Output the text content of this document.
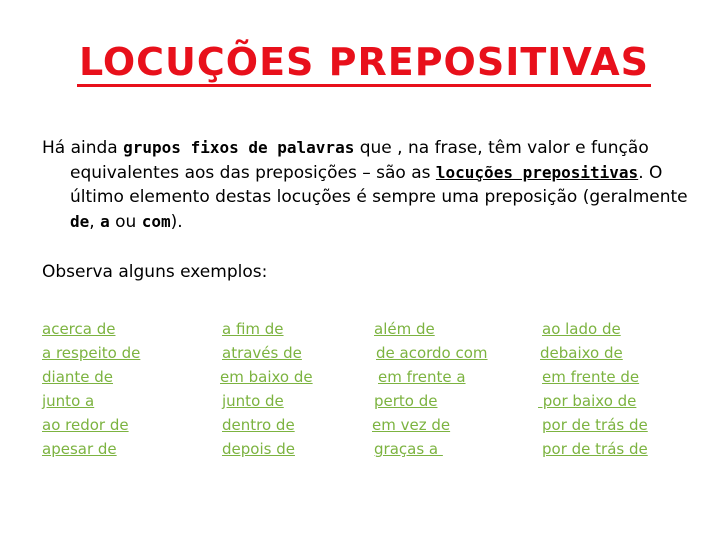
LOCUÇÕES PREPOSITIVAS
Há ainda grupos fixos de palavras que , na frase, têm valor e função equivalentes aos das preposições – são as locuções prepositivas. O último elemento destas locuções é sempre uma preposição (geralmente de, a ou com).
Observa alguns exemplos:
acerca de
a respeito de
diante de
junto a
ao redor de
apesar de
a fim de
através de
em baixo de
junto de
dentro de
depois de
além de
de acordo com
em frente a
perto de
em vez de
graças a
ao lado de
debaixo de
em frente de
por baixo de
por de trás de
por de trás de
